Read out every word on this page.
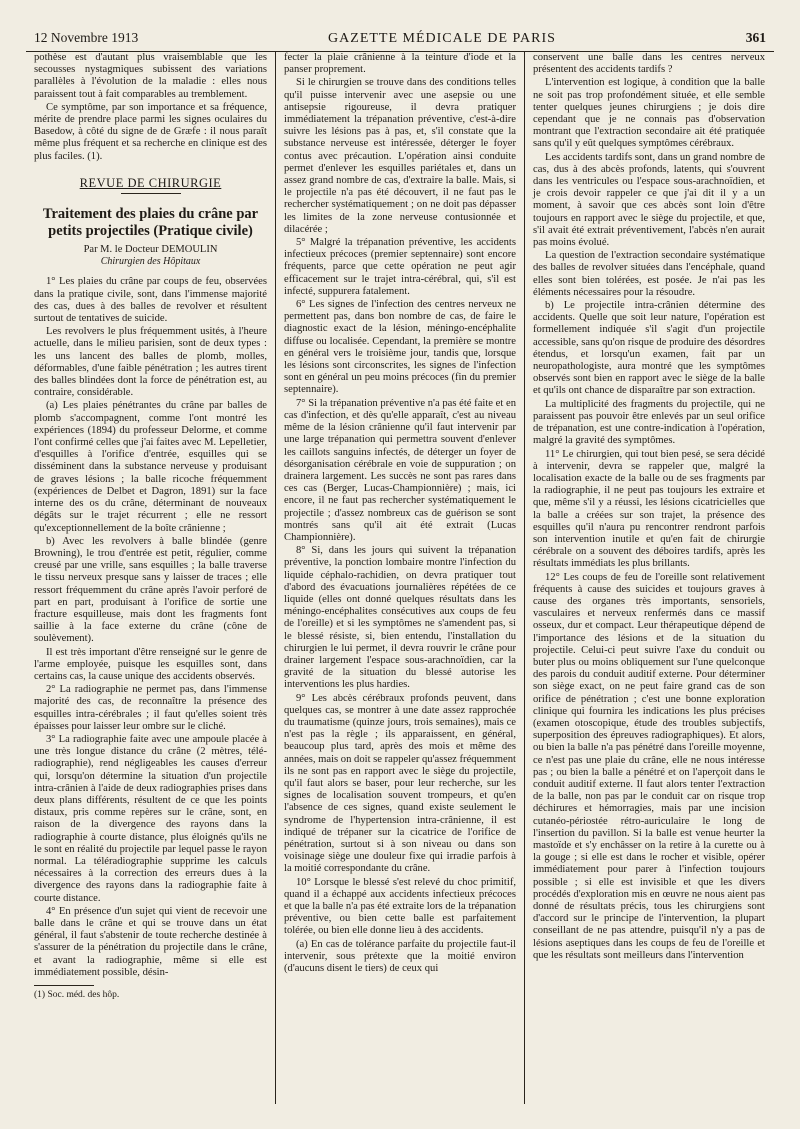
12 Novembre 1913	GAZETTE MÉDICALE DE PARIS	361

pothèse est d'autant plus vraisemblable que les secousses nystagmiques subissent des variations parallèles à l'évolution de la maladie : elles nous paraissent tout à fait comparables au tremblement.

Ce symptôme, par son importance et sa fréquence, mérite de prendre place parmi les signes oculaires du Basedow, à côté du signe de de Græfe : il nous paraît même plus fréquent et sa recherche en clinique est des plus faciles. (1).

REVUE DE CHIRURGIE
Traitement des plaies du crâne par petits projectiles (Pratique civile)
Par M. le Docteur DEMOULIN
Chirurgien des Hôpitaux

1° Les plaies du crâne par coups de feu, observées dans la pratique civile, sont, dans l'immense majorité des cas, dues à des balles de revolver et résultent surtout de tentatives de suicide.

Les revolvers le plus fréquemment usités, à l'heure actuelle, dans le milieu parisien, sont de deux types : les uns lancent des balles de plomb, molles, déformables, d'une faible pénétration ; les autres tirent des balles blindées dont la force de pénétration est, au contraire, considérable.

(a) Les plaies pénétrantes du crâne par balles de plomb s'accompagnent, comme l'ont montré les expériences (1894) du professeur Delorme, et comme l'ont confirmé celles que j'ai faites avec M. Lepelletier, d'esquilles à l'orifice d'entrée, esquilles qui se disséminent dans la substance nerveuse y produisant de graves lésions ; la balle ricoche fréquemment (expériences de Delbet et Dagron, 1891) sur la face interne des os du crâne, déterminant de nouveaux dégâts sur le trajet récurrent ; elle ne ressort qu'exceptionnellement de la boîte crânienne ;

b) Avec les revolvers à balle blindée (genre Browning), le trou d'entrée est petit, régulier, comme creusé par une vrille, sans esquilles ; la balle traverse le tissu nerveux presque sans y laisser de traces ; elle ressort fréquemment du crâne après l'avoir perforé de part en part, produisant à l'orifice de sortie une fracture esquilleuse, mais dont les fragments font saillie à la face externe du crâne (cône de soulèvement).

Il est très important d'être renseigné sur le genre de l'arme employée, puisque les esquilles sont, dans certains cas, la cause unique des accidents observés.

2° La radiographie ne permet pas, dans l'immense majorité des cas, de reconnaître la présence des esquilles intra-cérébrales ; il faut qu'elles soient très épaisses pour laisser leur ombre sur le cliché.

3° La radiographie faite avec une ampoule placée à une très longue distance du crâne (2 mètres, téléradiographie), rend négligeables les causes d'erreur qui, lorsqu'on détermine la situation d'un projectile intra-crânien à l'aide de deux radiographies prises dans deux plans différents, résultent de ce que les points distaux, pris comme repères sur le crâne, sont, en raison de la divergence des rayons dans la radiographie à courte distance, plus éloignés qu'ils ne le sont en réalité du projectile par lequel passe le rayon normal. La téléradiographie supprime les calculs nécessaires à la correction des erreurs dues à la divergence des rayons dans la radiographie faite à courte distance.

4° En présence d'un sujet qui vient de recevoir une balle dans le crâne et qui se trouve dans un état général, il faut s'abstenir de toute recherche destinée à s'assurer de la pénétration du projectile dans le crâne, et avant la radiographie, même si elle est immédiatement possible, désin-

(1) Soc. méd. des hôp.

fecter la plaie crânienne à la teinture d'iode et la panser proprement.

Si le chirurgien se trouve dans des conditions telles qu'il puisse intervenir avec une asepsie ou une antisepsie rigoureuse, il devra pratiquer immédiatement la trépanation préventive, c'est-à-dire suivre les lésions pas à pas, et, s'il constate que la substance nerveuse est intéressée, déterger le foyer contus avec précaution. L'opération ainsi conduite permet d'enlever les esquilles pariétales et, dans un assez grand nombre de cas, d'extraire la balle. Mais, si le projectile n'a pas été découvert, il ne faut pas le rechercher systématiquement ; on ne doit pas dépasser les limites de la zone nerveuse contusionnée et dilacérée ;

5° Malgré la trépanation préventive, les accidents infectieux précoces (premier septennaire) sont encore fréquents, parce que cette opération ne peut agir efficacement sur le trajet intra-cérébral, qui, s'il est infecté, suppurera fatalement.

6° Les signes de l'infection des centres nerveux ne permettent pas, dans bon nombre de cas, de faire le diagnostic exact de la lésion, méningo-encéphalite diffuse ou localisée. Cependant, la première se montre en général vers le troisième jour, tandis que, lorsque les lésions sont circonscrites, les signes de l'infection sont en général un peu moins précoces (fin du premier septennaire).

7° Si la trépanation préventive n'a pas été faite et en cas d'infection, et dès qu'elle apparaît, c'est au niveau même de la lésion crânienne qu'il faut intervenir par une large trépanation qui permettra souvent d'enlever les caillots sanguins infectés, de déterger un foyer de désorganisation cérébrale en voie de suppuration ; on drainera largement. Les succès ne sont pas rares dans ces cas (Berger, Lucas-Championnière) ; mais, ici encore, il ne faut pas rechercher systématiquement le projectile ; d'assez nombreux cas de guérison se sont montrés sans qu'il ait été extrait (Lucas Championnière).

8° Si, dans les jours qui suivent la trépanation préventive, la ponction lombaire montre l'infection du liquide céphalo-rachidien, on devra pratiquer tout d'abord des évacuations journalières répétées de ce liquide (elles ont donné quelques résultats dans les méningo-encéphalites consécutives aux coups de feu de l'oreille) et si les symptômes ne s'amendent pas, si le blessé résiste, si, bien entendu, l'installation du chirurgien le lui permet, il devra rouvrir le crâne pour drainer largement l'espace sous-arachnoïdien, car la gravité de la situation du blessé autorise les interventions les plus hardies.

9° Les abcès cérébraux profonds peuvent, dans quelques cas, se montrer à une date assez rapprochée du traumatisme (quinze jours, trois semaines), mais ce n'est pas la règle ; ils apparaissent, en général, beaucoup plus tard, après des mois et même des années, mais on doit se rappeler qu'assez fréquemment ils ne sont pas en rapport avec le siège du projectile, qu'il faut alors se baser, pour leur recherche, sur les signes de localisation souvent trompeurs, et qu'en l'absence de ces signes, quand existe seulement le syndrome de l'hypertension intra-crânienne, il est indiqué de trépaner sur la cicatrice de l'orifice de pénétration, surtout si à son niveau ou dans son voisinage siège une douleur fixe qui irradie parfois à la moitié correspondante du crâne.

10° Lorsque le blessé s'est relevé du choc primitif, quand il a échappé aux accidents infectieux précoces et que la balle n'a pas été extraite lors de la trépanation préventive, ou bien cette balle est parfaitement tolérée, ou bien elle donne lieu à des accidents.

(a) En cas de tolérance parfaite du projectile faut-il intervenir, sous prétexte que la moitié environ (d'aucuns disent le tiers) de ceux qui

conservent une balle dans les centres nerveux présentent des accidents tardifs ?

L'intervention est logique, à condition que la balle ne soit pas trop profondément située, et elle semble tenter quelques jeunes chirurgiens ; je dois dire cependant que je ne connais pas d'observation montrant que l'extraction secondaire ait été pratiquée sans qu'il y eût quelques symptômes cérébraux.

Les accidents tardifs sont, dans un grand nombre de cas, dus à des abcès profonds, latents, qui s'ouvrent dans les ventricules ou l'espace sous-arachnoïdien, et je crois devoir rappeler ce que j'ai dit il y a un moment, à savoir que ces abcès sont loin d'être toujours en rapport avec le siège du projectile, et que, s'il avait été extrait préventivement, l'abcès n'en aurait pas moins évolué.

La question de l'extraction secondaire systématique des balles de revolver situées dans l'encéphale, quand elles sont bien tolérées, est posée. Je n'ai pas les éléments nécessaires pour la résoudre.

b) Le projectile intra-crânien détermine des accidents. Quelle que soit leur nature, l'opération est formellement indiquée s'il s'agit d'un projectile accessible, sans qu'on risque de produire des désordres étendus, et lorsqu'un examen, fait par un neuropathologiste, aura montré que les symptômes observés sont bien en rapport avec le siège de la balle et qu'ils ont chance de disparaître par son extraction.

La multiplicité des fragments du projectile, qui ne paraissent pas pouvoir être enlevés par un seul orifice de trépanation, est une contre-indication à l'opération, malgré la gravité des symptômes.

11° Le chirurgien, qui tout bien pesé, se sera décidé à intervenir, devra se rappeler que, malgré la localisation exacte de la balle ou de ses fragments par la radiographie, il ne peut pas toujours les extraire et que, même s'il y a réussi, les lésions cicatricielles que la balle a créées sur son trajet, la présence des esquilles qu'il n'aura pu rencontrer rendront parfois son intervention inutile et qu'en fait de chirurgie cérébrale on a souvent des déboires tardifs, après les résultats immédiats les plus brillants.

12° Les coups de feu de l'oreille sont relativement fréquents à cause des suicides et toujours graves à cause des organes très importants, sensoriels, vasculaires et nerveux renfermés dans ce massif osseux, dur et compact. Leur thérapeutique dépend de l'importance des lésions et de la situation du projectile. Celui-ci peut suivre l'axe du conduit ou buter plus ou moins obliquement sur l'une quelconque des parois du conduit auditif externe. Pour déterminer son siège exact, on ne peut faire grand cas de son orifice de pénétration ; c'est une bonne exploration clinique qui fournira les indications les plus précises (examen otoscopique, étude des troubles subjectifs, superposition des épreuves radiographiques). Et alors, ou bien la balle n'a pas pénétré dans l'oreille moyenne, ce n'est pas une plaie du crâne, elle ne nous intéresse pas ; ou bien la balle a pénétré et on l'aperçoit dans le conduit auditif externe. Il faut alors tenter l'extraction de la balle, non pas par le conduit car on risque trop déchirures et hémorragies, mais par une incision cutanéo-périostée rétro-auriculaire le long de l'insertion du pavillon. Si la balle est venue heurter la mastoïde et s'y enchâsser on la retire à la curette ou à la gouge ; si elle est dans le rocher et visible, opérer immédiatement pour parer à l'infection toujours possible ; si elle est invisible et que les divers procédés d'exploration mis en œuvre ne nous aient pas donné de résultats précis, tous les chirurgiens sont d'accord sur le principe de l'intervention, la plupart conseillant de ne pas attendre, puisqu'il n'y a pas de lésions aseptiques dans les coups de feu de l'oreille et que les résultats sont meilleurs dans l'intervention
